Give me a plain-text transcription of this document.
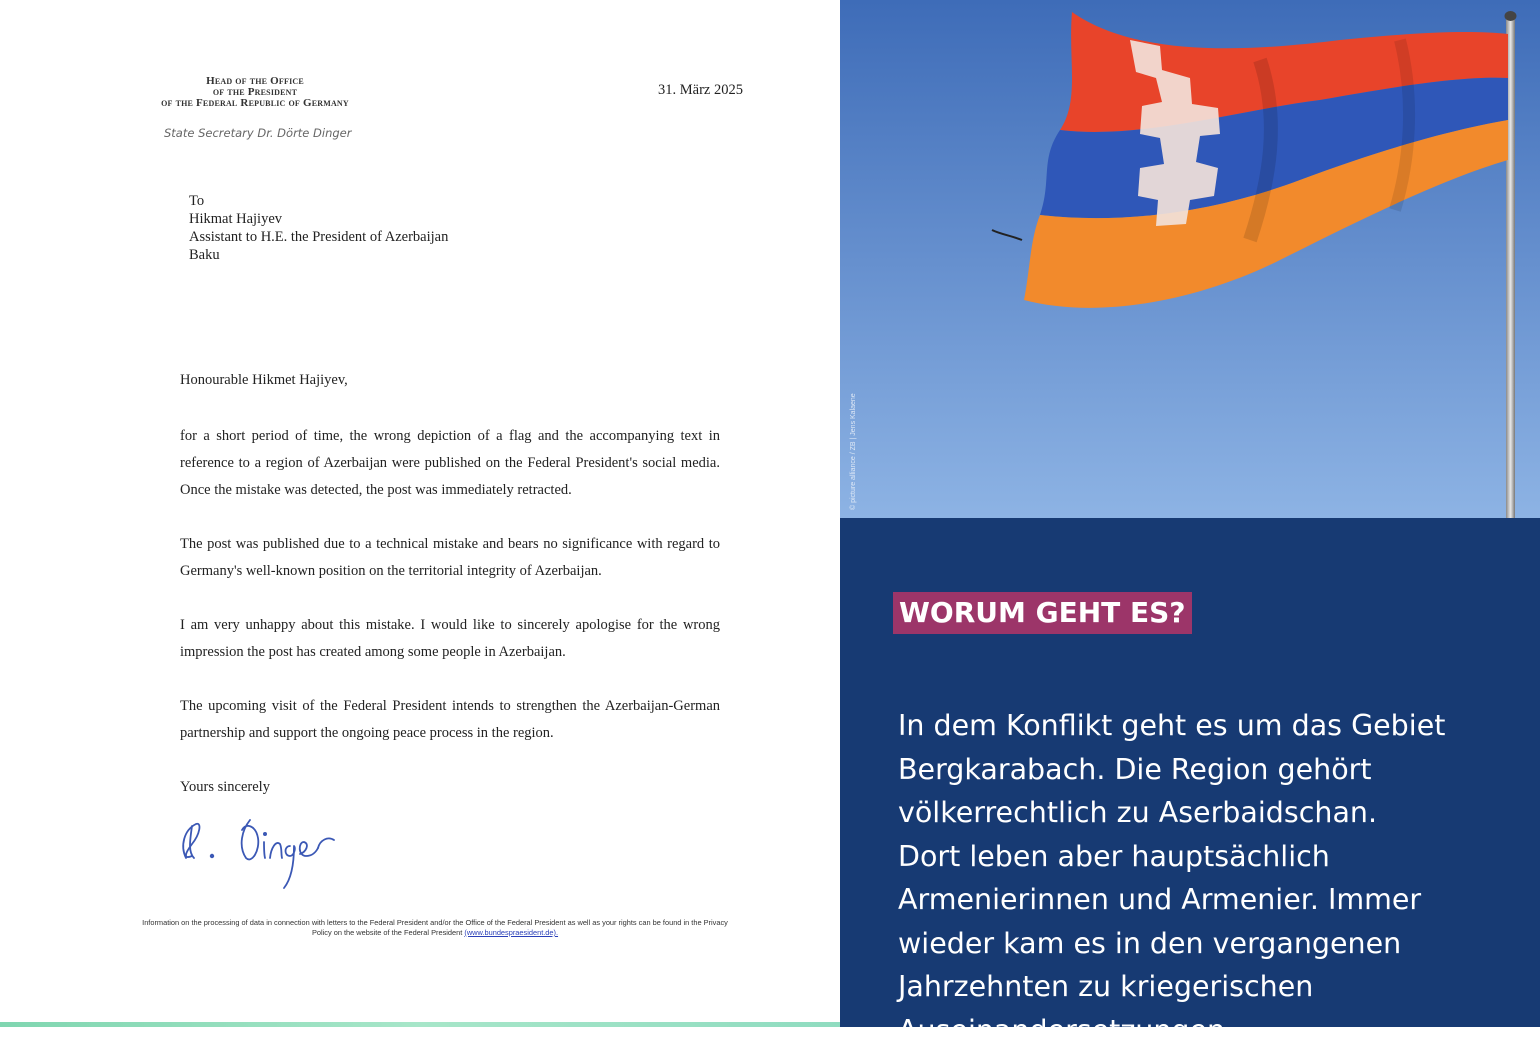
Head of the Office
of the President
of the Federal Republic of Germany
State Secretary Dr. Dörte Dinger
31. März 2025
To
Hikmat Hajiyev
Assistant to H.E. the President of Azerbaijan
Baku
Honourable Hikmet Hajiyev,

for a short period of time, the wrong depiction of a flag and the accompanying text in reference to a region of Azerbaijan were published on the Federal President's social media. Once the mistake was detected, the post was immediately retracted.

The post was published due to a technical mistake and bears no significance with regard to Germany's well-known position on the territorial integrity of Azerbaijan.

I am very unhappy about this mistake. I would like to sincerely apologise for the wrong impression the post has created among some people in Azerbaijan.

The upcoming visit of the Federal President intends to strengthen the Azerbaijan-German partnership and support the ongoing peace process in the region.

Yours sincerely
Information on the processing of data in connection with letters to the Federal President and/or the Office of the Federal President as well as your rights can be found in the Privacy Policy on the website of the Federal President (www.bundespraesident.de).
© picture alliance / ZB | Jens Kalaene
WORUM GEHT ES?
In dem Konflikt geht es um das Gebiet
Bergkarabach. Die Region gehört
völkerrechtlich zu Aserbaidschan.
Dort leben aber hauptsächlich
Armenierinnen und Armenier. Immer
wieder kam es in den vergangenen
Jahrzehnten zu kriegerischen
Auseinandersetzungen.
